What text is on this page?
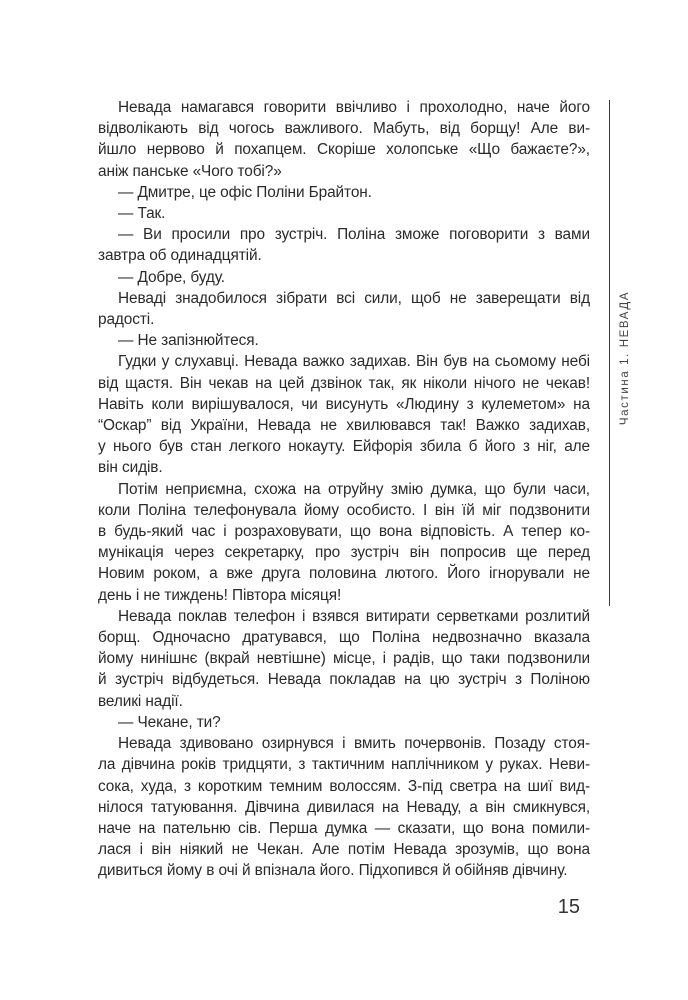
Невада намагався говорити ввічливо і прохолодно, наче його
відволікають від чогось важливого. Мабуть, від борщу! Але ви-
йшло нервово й похапцем. Скоріше холопське «Що бажаєте?»,
аніж панське «Чого тобі?»

— Дмитре, це офіс Поліни Брайтон.

— Так.

— Ви просили про зустріч. Поліна зможе поговорити з вами
завтра об одинадцятій.

— Добре, буду.

Неваді знадобилося зібрати всі сили, щоб не заверещати від
радості.

— Не запізнюйтеся.

Гудки у слухавці. Невада важко задихав. Він був на сьомому небі
від щастя. Він чекав на цей дзвінок так, як ніколи нічого не чекав!
Навіть коли вирішувалося, чи висунуть «Людину з кулеметом» на
“Оскар” від України, Невада не хвилювався так! Важко задихав,
у нього був стан легкого нокауту. Ейфорія збила б його з ніг, але
він сидів.

Потім неприємна, схожа на отруйну змію думка, що були часи,
коли Поліна телефонувала йому особисто. І він їй міг подзвонити
в будь-який час і розраховувати, що вона відповість. А тепер ко-
мунікація через секретарку, про зустріч він попросив ще перед
Новим роком, а вже друга половина лютого. Його ігнорували не
день і не тиждень! Півтора місяця!

Невада поклав телефон і взявся витирати серветками розлитий
борщ. Одночасно дратувався, що Поліна недвозначно вказала
йому нинішнє (вкрай невтішне) місце, і радів, що таки подзвонили
й зустріч відбудеться. Невада покладав на цю зустріч з Поліною
великі надії.

— Чекане, ти?

Невада здивовано озирнувся і вмить почервонів. Позаду стоя-
ла дівчина років тридцяти, з тактичним наплічником у руках. Неви-
сока, худа, з коротким темним волоссям. З-під светра на шиї вид-
нілося татуювання. Дівчина дивилася на Неваду, а він смикнувся,
наче на пательню сів. Перша думка — сказати, що вона помили-
лася і він ніякий не Чекан. Але потім Невада зрозумів, що вона
дивиться йому в очі й впізнала його. Підхопився й обійняв дівчину.

Частина 1. НЕВАДА
15
